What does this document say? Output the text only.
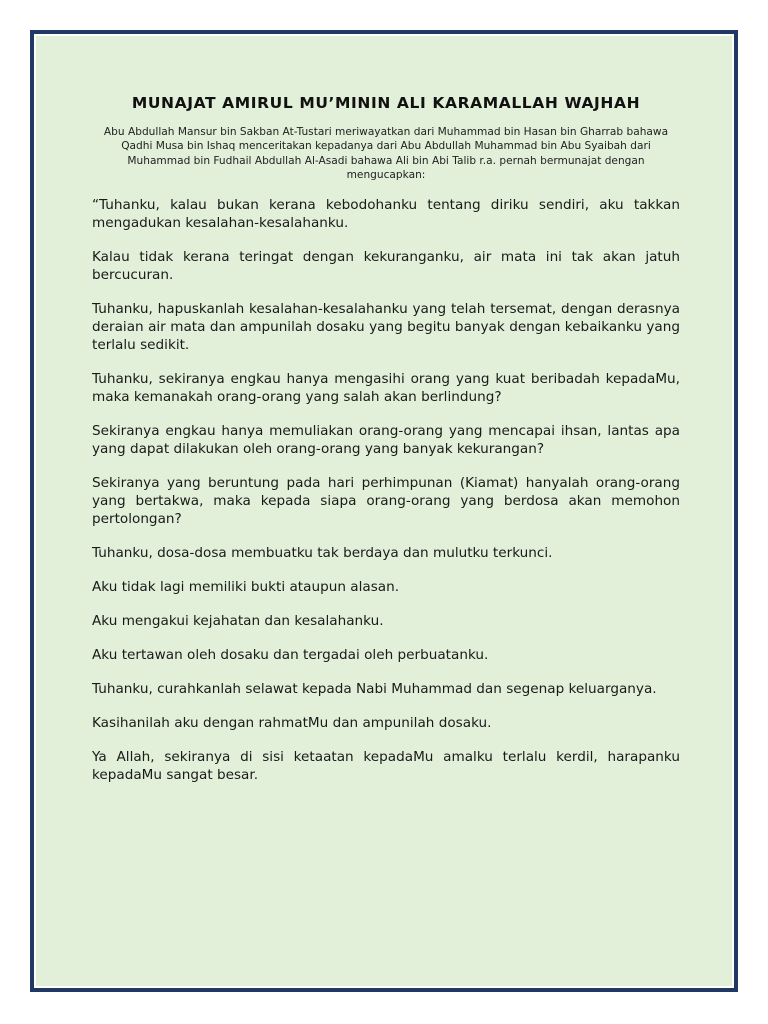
MUNAJAT AMIRUL MU’MININ ALI KARAMALLAH WAJHAH

Abu Abdullah Mansur bin Sakban At-Tustari meriwayatkan dari Muhammad bin Hasan bin Gharrab bahawa Qadhi Musa bin Ishaq menceritakan kepadanya dari Abu Abdullah Muhammad bin Abu Syaibah dari Muhammad bin Fudhail Abdullah Al-Asadi bahawa Ali bin Abi Talib r.a. pernah bermunajat dengan mengucapkan:

“Tuhanku, kalau bukan kerana kebodohanku tentang diriku sendiri, aku takkan mengadukan kesalahan-kesalahanku.

Kalau tidak kerana teringat dengan kekuranganku, air mata ini tak akan jatuh bercucuran.

Tuhanku, hapuskanlah kesalahan-kesalahanku yang telah tersemat, dengan derasnya deraian air mata dan ampunilah dosaku yang begitu banyak dengan kebaikanku yang terlalu sedikit.

Tuhanku, sekiranya engkau hanya mengasihi orang yang kuat beribadah kepadaMu, maka kemanakah orang-orang yang salah akan berlindung?

Sekiranya engkau hanya memuliakan orang-orang yang mencapai ihsan, lantas apa yang dapat dilakukan oleh orang-orang yang banyak kekurangan?

Sekiranya yang beruntung pada hari perhimpunan (Kiamat) hanyalah orang-orang yang bertakwa, maka kepada siapa orang-orang yang berdosa akan memohon pertolongan?

Tuhanku, dosa-dosa membuatku tak berdaya dan mulutku terkunci.

Aku tidak lagi memiliki bukti ataupun alasan.

Aku mengakui kejahatan dan kesalahanku.

Aku tertawan oleh dosaku dan tergadai oleh perbuatanku.

Tuhanku, curahkanlah selawat kepada Nabi Muhammad dan segenap keluarganya.

Kasihanilah aku dengan rahmatMu dan ampunilah dosaku.

Ya Allah, sekiranya di sisi ketaatan kepadaMu amalku terlalu kerdil, harapanku kepadaMu sangat besar.
